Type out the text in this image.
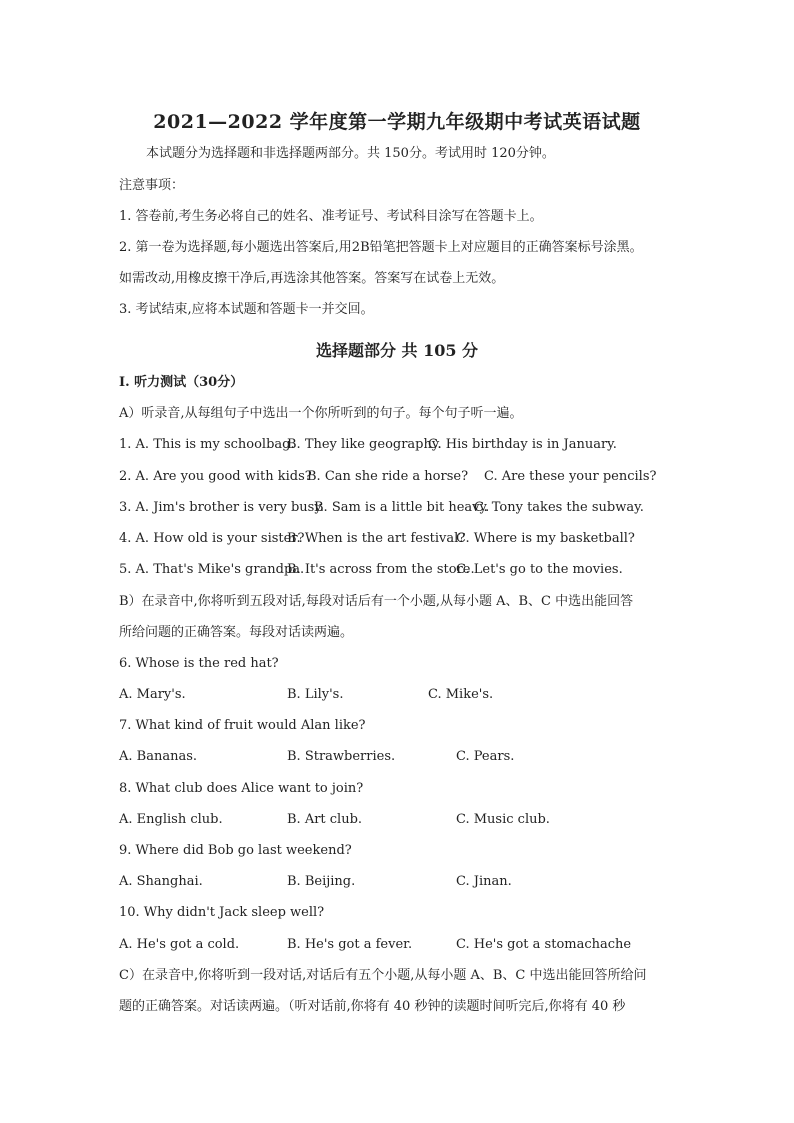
2021—2022 学年度第一学期九年级期中考试英语试题
本试题分为选择题和非选择题两部分。共 150分。考试用时 120分钟。
注意事项：
1. 答卷前,考生务必将自己的姓名、准考证号、考试科目涂写在答题卡上。
2. 第一卷为选择题,每小题选出答案后,用2B铅笔把答题卡上对应题目的正确答案标号涂黑。
如需改动,用橡皮擦干净后,再选涂其他答案。答案写在试卷上无效。
3. 考试结束,应将本试题和答题卡一并交回。
选择题部分 共 105 分
Ⅰ. 听力测试（30分）
A）听录音,从每组句子中选出一个你所听到的句子。每个句子听一遍。
1. A. This is my schoolbag.
B. They like geography.
C. His birthday is in January.
2. A. Are you good with kids?
B. Can she ride a horse? C. Are these your pencils?
3. A. Jim's brother is very busy.
B. Sam is a little bit heavy.
C. Tony takes the subway.
4. A. How old is your sister?
B. When is the art festival?
C. Where is my basketball?
5. A. That's Mike's grandpa.
B. It's across from the store.
C. Let's go to the movies.
B）在录音中,你将听到五段对话,每段对话后有一个小题,从每小题 A、B、C 中选出能回答
所给问题的正确答案。每段对话读两遍。
6. Whose is the red hat?
A. Mary's.	B. Lily's.	C. Mike's.
7. What kind of fruit would Alan like?
A. Bananas.	B. Strawberries.	C. Pears.
8. What club does Alice want to join?
A. English club.	B. Art club.	C. Music club.
9. Where did Bob go last weekend?
A. Shanghai.	B. Beijing.	C. Jinan.
10. Why didn't Jack sleep well?
A. He's got a cold.	B. He's got a fever.	C. He's got a stomachache
C）在录音中,你将听到一段对话,对话后有五个小题,从每小题 A、B、C 中选出能回答所给问
题的正确答案。对话读两遍。（听对话前,你将有 40 秒钟的读题时间听完后,你将有 40 秒
